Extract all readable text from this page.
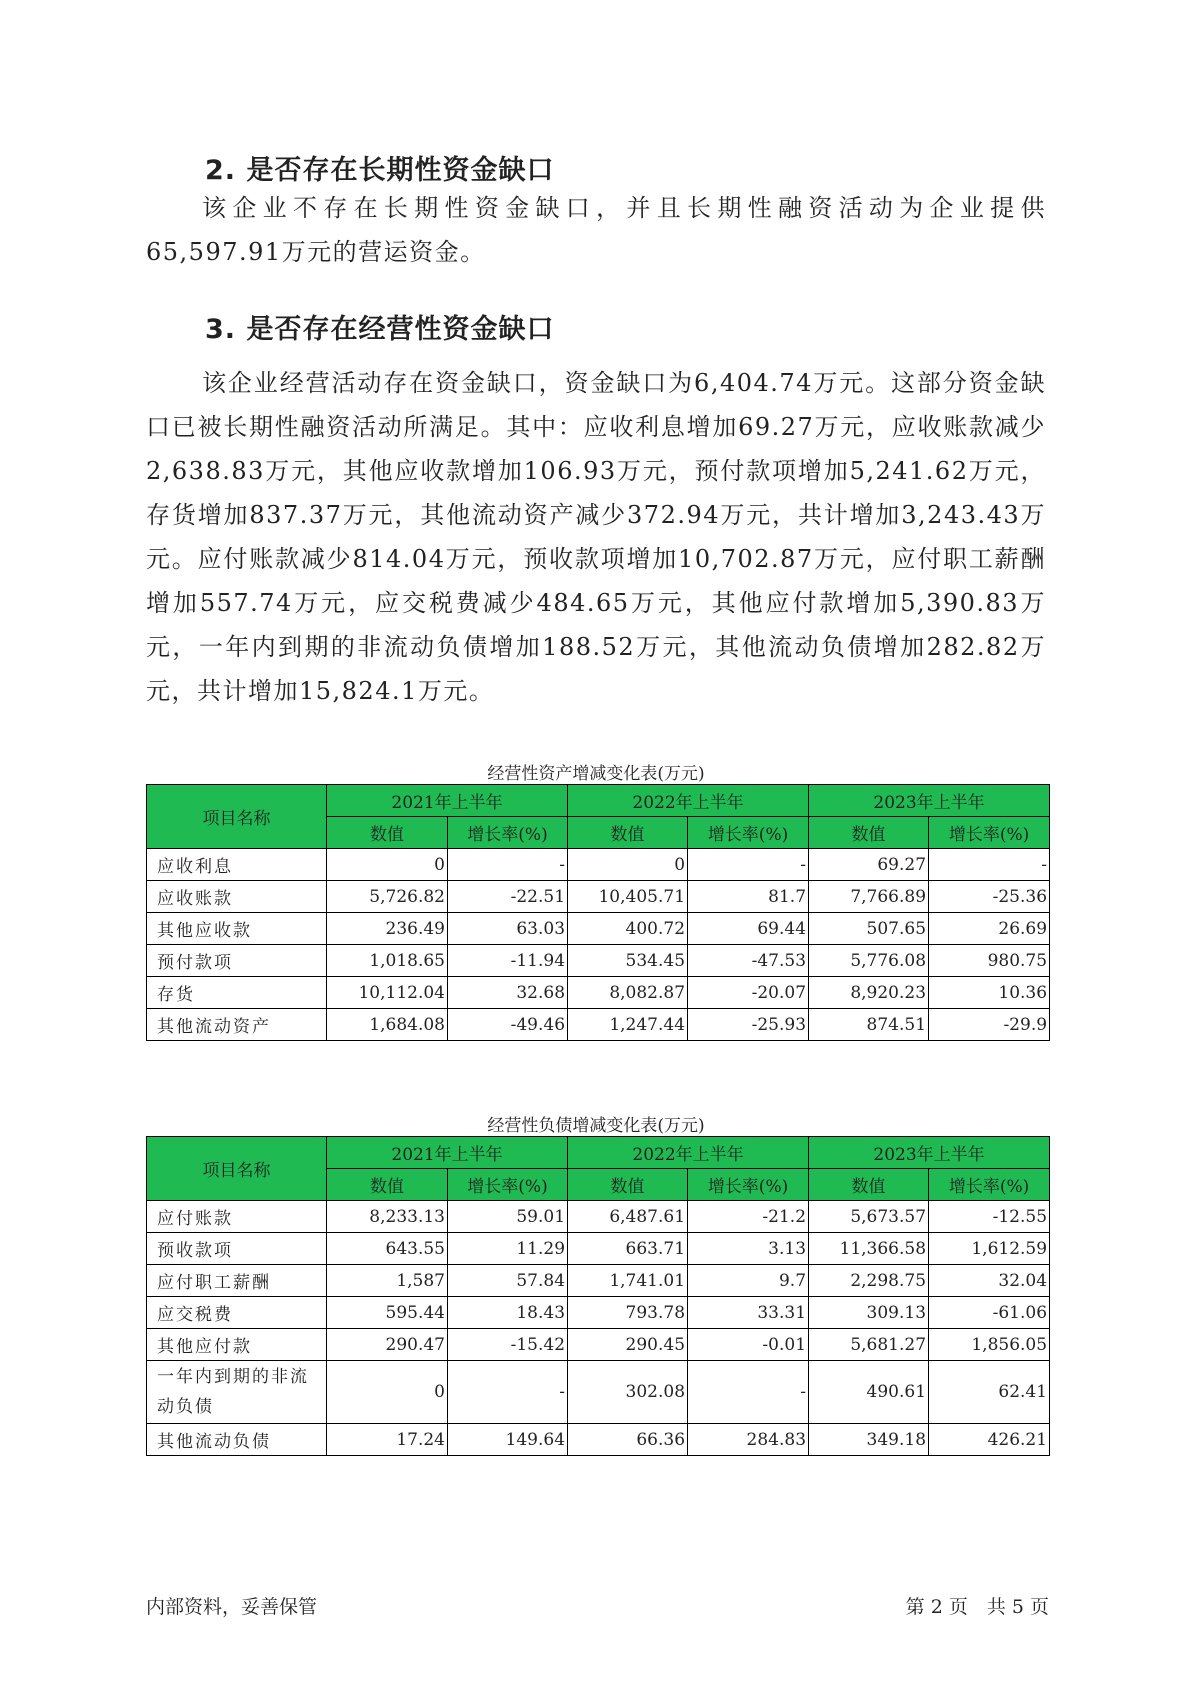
2. 是否存在长期性资金缺口

该企业不存在长期性资金缺口，并且长期性融资活动为企业提供65,597.91万元的营运资金。

3. 是否存在经营性资金缺口

该企业经营活动存在资金缺口，资金缺口为6,404.74万元。这部分资金缺口已被长期性融资活动所满足。其中：应收利息增加69.27万元，应收账款减少2,638.83万元，其他应收款增加106.93万元，预付款项增加5,241.62万元，存货增加837.37万元，其他流动资产减少372.94万元，共计增加3,243.43万元。应付账款减少814.04万元，预收款项增加10,702.87万元，应付职工薪酬增加557.74万元，应交税费减少484.65万元，其他应付款增加5,390.83万元，一年内到期的非流动负债增加188.52万元，其他流动负债增加282.82万元，共计增加15,824.1万元。

经营性资产增减变化表(万元)
项目名称	2021年上半年		2022年上半年		2023年上半年	
	数值	增长率(%)	数值	增长率(%)	数值	增长率(%)
应收利息	0	-	0	-	69.27	-
应收账款	5,726.82	-22.51	10,405.71	81.7	7,766.89	-25.36
其他应收款	236.49	63.03	400.72	69.44	507.65	26.69
预付款项	1,018.65	-11.94	534.45	-47.53	5,776.08	980.75
存货	10,112.04	32.68	8,082.87	-20.07	8,920.23	10.36
其他流动资产	1,684.08	-49.46	1,247.44	-25.93	874.51	-29.9
经营性负债增减变化表(万元)
项目名称	2021年上半年		2022年上半年		2023年上半年	
	数值	增长率(%)	数值	增长率(%)	数值	增长率(%)
应付账款	8,233.13	59.01	6,487.61	-21.2	5,673.57	-12.55
预收款项	643.55	11.29	663.71	3.13	11,366.58	1,612.59
应付职工薪酬	1,587	57.84	1,741.01	9.7	2,298.75	32.04
应交税费	595.44	18.43	793.78	33.31	309.13	-61.06
其他应付款	290.47	-15.42	290.45	-0.01	5,681.27	1,856.05
一年内到期的非流动负债	0	-	302.08	-	490.61	62.41
其他流动负债	17.24	149.64	66.36	284.83	349.18	426.21
内部资料，妥善保管	第 2 页　共 5 页
